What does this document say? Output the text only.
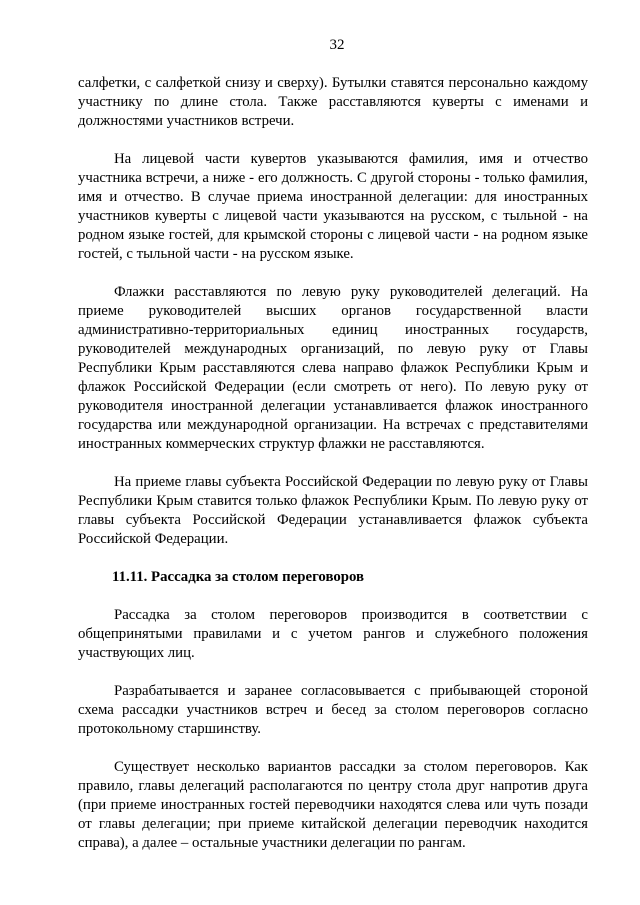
32

салфетки, с салфеткой снизу и сверху). Бутылки ставятся персонально каждому участнику по длине стола. Также расставляются куверты с именами и должностями участников встречи.

На лицевой части кувертов указываются фамилия, имя и отчество участника встречи, а ниже - его должность. С другой стороны - только фамилия, имя и отчество. В случае приема иностранной делегации: для иностранных участников куверты с лицевой части указываются на русском, с тыльной - на родном языке гостей, для крымской стороны с лицевой части - на родном языке гостей, с тыльной части - на русском языке.

Флажки расставляются по левую руку руководителей делегаций. На приеме руководителей высших органов государственной власти административно-территориальных единиц иностранных государств, руководителей международных организаций, по левую руку от Главы Республики Крым расставляются слева направо флажок Республики Крым и флажок Российской Федерации (если смотреть от него). По левую руку от руководителя иностранной делегации устанавливается флажок иностранного государства или международной организации. На встречах с представителями иностранных коммерческих структур флажки не расставляются.

На приеме главы субъекта Российской Федерации по левую руку от Главы Республики Крым ставится только флажок Республики Крым. По левую руку от главы субъекта Российской Федерации устанавливается флажок субъекта Российской Федерации.

11.11. Рассадка за столом переговоров

Рассадка за столом переговоров производится в соответствии с общепринятыми правилами и с учетом рангов и служебного положения участвующих лиц.

Разрабатывается и заранее согласовывается с прибывающей стороной схема рассадки участников встреч и бесед за столом переговоров согласно протокольному старшинству.

Существует несколько вариантов рассадки за столом переговоров. Как правило, главы делегаций располагаются по центру стола друг напротив друга (при приеме иностранных гостей переводчики находятся слева или чуть позади от главы делегации; при приеме китайской делегации переводчик находится справа), а далее – остальные участники делегации по рангам.
